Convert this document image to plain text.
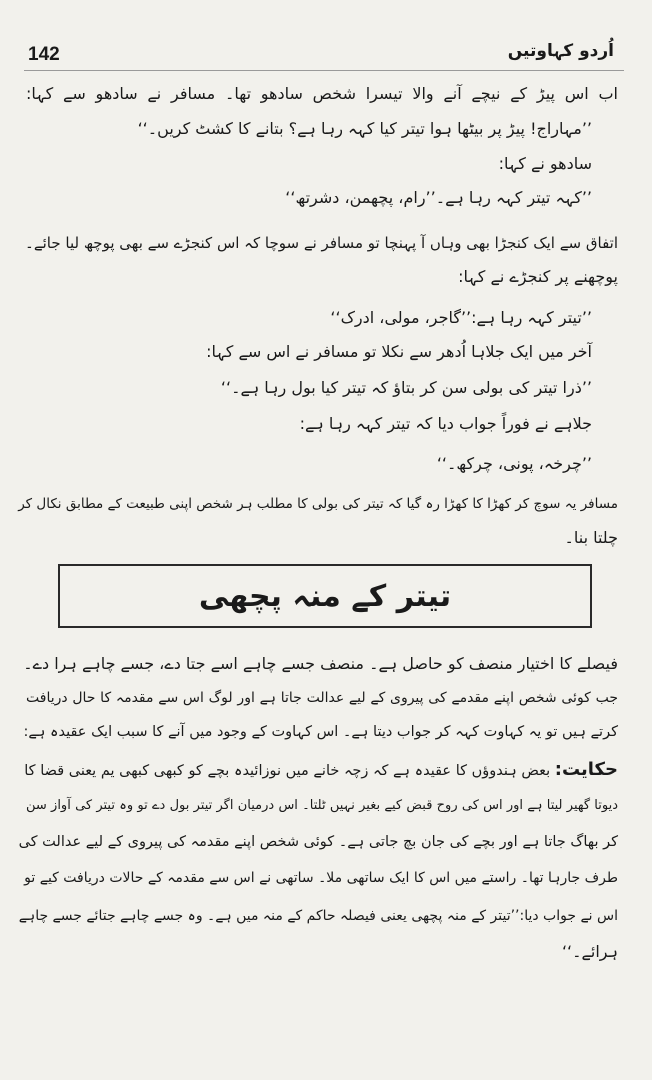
142	اُردو کہاوتیں
اب اس پیڑ کے نیچے آنے والا تیسرا شخص سادھو تھا۔ مسافر نے سادھو سے کہا:
’’مہاراج! پیڑ پر بیٹھا ہوا تیتر کیا کہہ رہا ہے؟ بتانے کا کشٹ کریں۔‘‘
سادھو نے کہا:
’’کہہ تیتر کہہ رہا ہے۔’’رام، پچھمن، دشرتھ‘‘
اتفاق سے ایک کنجڑا بھی وہاں آ پہنچا تو مسافر نے سوچا کہ اس کنجڑے سے بھی پوچھ لیا جائے۔
پوچھنے پر کنجڑے نے کہا:
’’تیتر کہہ رہا ہے:’’گاجر، مولی، ادرک‘‘
آخر میں ایک جلاہا اُدھر سے نکلا تو مسافر نے اس سے کہا:
’’ذرا تیتر کی بولی سن کر بتاؤ کہ تیتر کیا بول رہا ہے۔‘‘
جلاہے نے فوراً جواب دیا کہ تیتر کہہ رہا ہے:
’’چرخہ، پونی، چرکھ۔‘‘
مسافر یہ سوچ کر کھڑا کا کھڑا رہ گیا کہ تیتر کی بولی کا مطلب ہر شخص اپنی طبیعت کے مطابق نکال کر
چلتا بنا۔
تیتر کے منہ پچھی
فیصلے کا اختیار منصف کو حاصل ہے۔ منصف جسے چاہے اسے جتا دے، جسے چاہے ہرا دے۔
جب کوئی شخص اپنے مقدمے کی پیروی کے لیے عدالت جاتا ہے اور لوگ اس سے مقدمہ کا حال دریافت
کرتے ہیں تو یہ کہاوت کہہ کر جواب دیتا ہے۔ اس کہاوت کے وجود میں آنے کا سبب ایک عقیدہ ہے:
حکایت: بعض ہندوؤں کا عقیدہ ہے کہ زچہ خانے میں نوزائیدہ بچے کو کبھی کبھی یم یعنی قضا کا
دیوتا گھیر لیتا ہے اور اس کی روح قبض کیے بغیر نہیں ٹلتا۔ اس درمیان اگر تیتر بول دے تو وہ تیتر کی آواز سن
کر بھاگ جاتا ہے اور بچے کی جان بچ جاتی ہے۔ کوئی شخص اپنے مقدمہ کی پیروی کے لیے عدالت کی
طرف جارہا تھا۔ راستے میں اس کا ایک ساتھی ملا۔ ساتھی نے اس سے مقدمہ کے حالات دریافت کیے تو
اس نے جواب دیا:’’تیتر کے منہ پچھی یعنی فیصلہ حاکم کے منہ میں ہے۔ وہ جسے چاہے جتائے جسے چاہے
ہرائے۔‘‘
